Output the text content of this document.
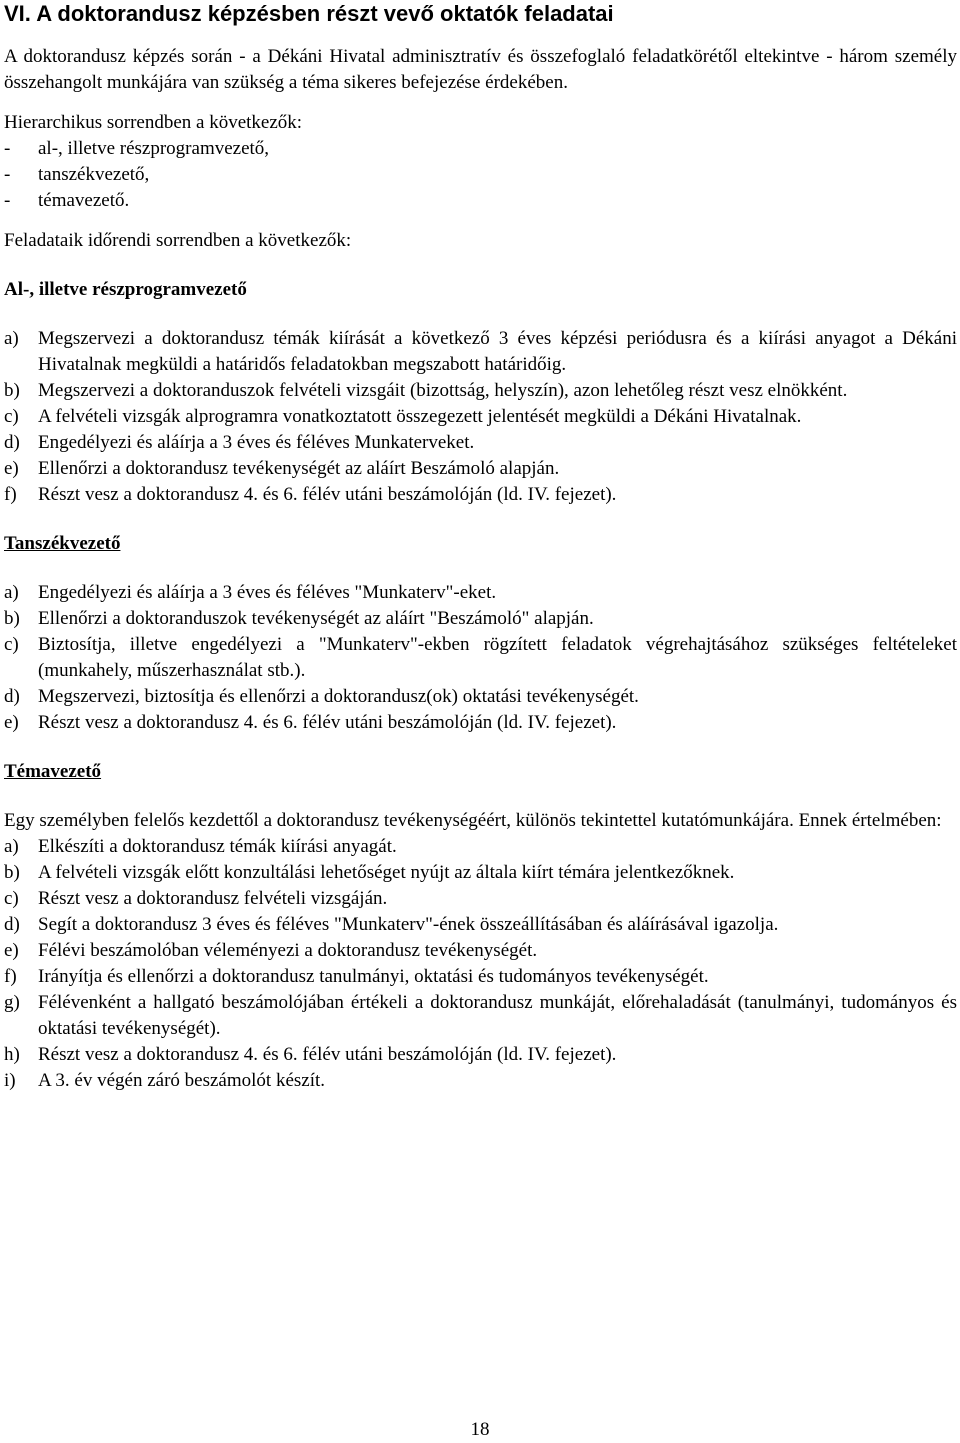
VI. A doktorandusz képzésben részt vevő oktatók feladatai

A doktorandusz képzés során - a Dékáni Hivatal adminisztratív és összefoglaló feladatkörétől eltekintve - három személy összehangolt munkájára van szükség a téma sikeres befejezése érdekében.

Hierarchikus sorrendben a következők:

-	al-, illetve részprogramvezető,
-	tanszékvezető,
-	témavezető.

Feladataik időrendi sorrendben a következők:

Al-, illetve részprogramvezető
a)	Megszervezi a doktorandusz témák kiírását a következő 3 éves képzési periódusra és a kiírási anyagot a Dékáni Hivatalnak megküldi a határidős feladatokban megszabott határidőig.
b) Megszervezi a doktoranduszok felvételi vizsgáit (bizottság, helyszín), azon lehetőleg részt vesz elnökként.
c)	A felvételi vizsgák alprogramra vonatkoztatott összegezett jelentését megküldi a Dékáni Hivatalnak.
d) Engedélyezi és aláírja a 3 éves és féléves Munkaterveket.
e)	Ellenőrzi a doktorandusz tevékenységét az aláírt Beszámoló alapján.
f)	Részt vesz a doktorandusz 4. és 6. félév utáni beszámolóján (ld. IV. fejezet).
Tanszékvezető
a)	Engedélyezi és aláírja a 3 éves és féléves "Munkaterv"-eket.
b) Ellenőrzi a doktoranduszok tevékenységét az aláírt "Beszámoló" alapján.
c)	Biztosítja, illetve engedélyezi a "Munkaterv"-ekben rögzített feladatok végrehajtásához szükséges feltételeket (munkahely, műszerhasználat stb.).
d) Megszervezi, biztosítja és ellenőrzi a doktorandusz(ok) oktatási tevékenységét.
e)	Részt vesz a doktorandusz 4. és 6. félév utáni beszámolóján (ld. IV. fejezet).
Témavezető

Egy személyben felelős kezdettől a doktorandusz tevékenységéért, különös tekintettel kutatómunkájára. Ennek értelmében:

a)	Elkészíti a doktorandusz témák kiírási anyagát.
b) A felvételi vizsgák előtt konzultálási lehetőséget nyújt az általa kiírt témára jelentkezőknek.
c)	Részt vesz a doktorandusz felvételi vizsgáján.
d) Segít a doktorandusz 3 éves és féléves "Munkaterv"-ének összeállításában és aláírásával igazolja.
e)	Félévi beszámolóban véleményezi a doktorandusz tevékenységét.
f)	Irányítja és ellenőrzi a doktorandusz tanulmányi, oktatási és tudományos tevékenységét.
g) Félévenként a hallgató beszámolójában értékeli a doktorandusz munkáját, előrehaladását (tanulmányi, tudományos és oktatási tevékenységét).
h) Részt vesz a doktorandusz 4. és 6. félév utáni beszámolóján (ld. IV. fejezet).
i)	A 3. év végén záró beszámolót készít.
18
